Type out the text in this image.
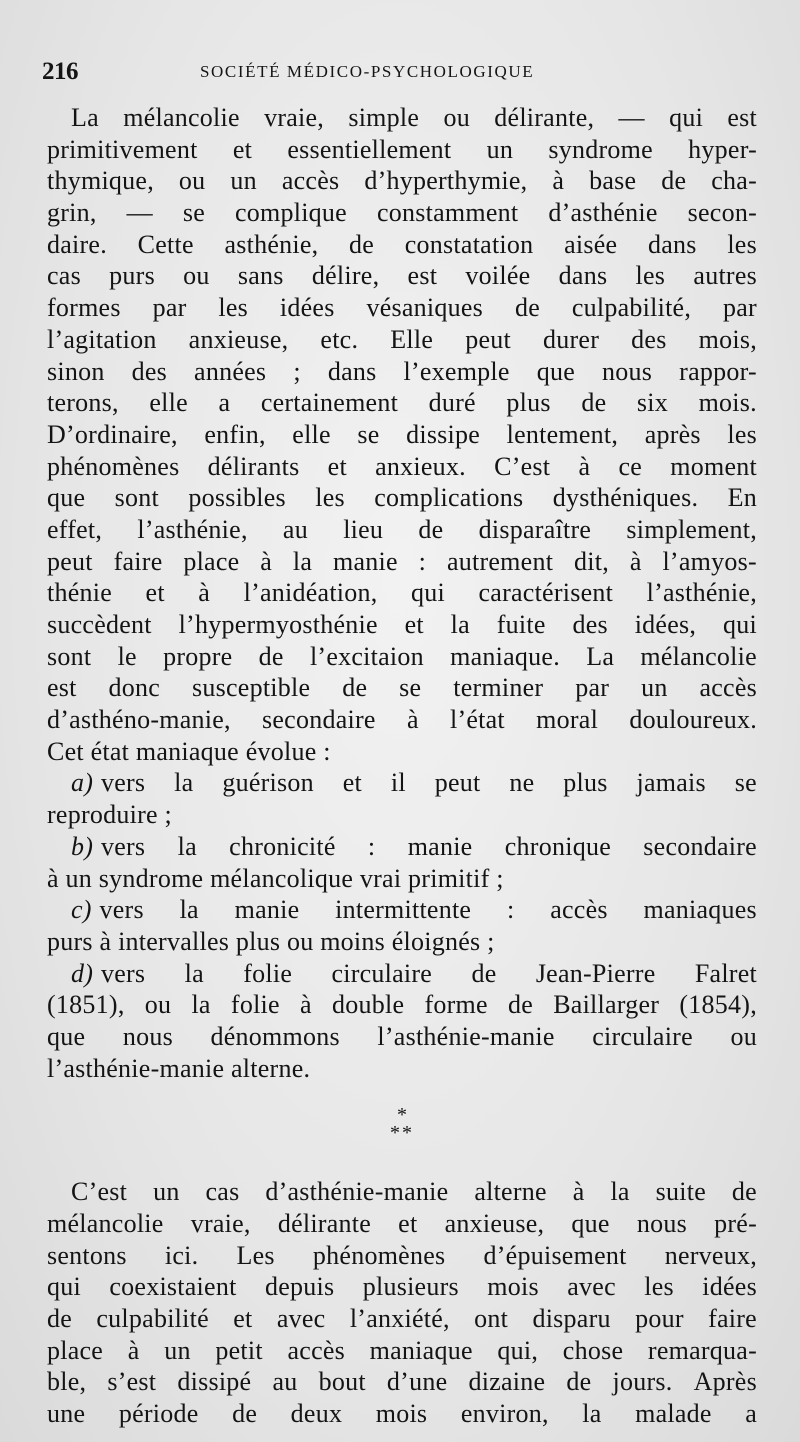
216	SOCIÉTÉ MÉDICO-PSYCHOLOGIQUE
La mélancolie vraie, simple ou délirante, — qui est
primitivement et essentiellement un syndrome hyper-
thymique, ou un accès d’hyperthymie, à base de cha-
grin, — se complique constamment d’asthénie secon-
daire. Cette asthénie, de constatation aisée dans les
cas purs ou sans délire, est voilée dans les autres
formes par les idées vésaniques de culpabilité, par
l’agitation anxieuse, etc. Elle peut durer des mois,
sinon des années ; dans l’exemple que nous rappor-
terons, elle a certainement duré plus de six mois.
D’ordinaire, enfin, elle se dissipe lentement, après les
phénomènes délirants et anxieux. C’est à ce moment
que sont possibles les complications dysthéniques. En
effet, l’asthénie, au lieu de disparaître simplement,
peut faire place à la manie : autrement dit, à l’amyos-
thénie et à l’anidéation, qui caractérisent l’asthénie,
succèdent l’hypermyosthénie et la fuite des idées, qui
sont le propre de l’excitaion maniaque. La mélancolie
est donc susceptible de se terminer par un accès
d’asthéno-manie, secondaire à l’état moral douloureux.
Cet état maniaque évolue :
a) vers la guérison et il peut ne plus jamais se
reproduire ;
b) vers la chronicité : manie chronique secondaire
à un syndrome mélancolique vrai primitif ;
c) vers la manie intermittente : accès maniaques
purs à intervalles plus ou moins éloignés ;
d) vers la folie circulaire de Jean-Pierre Falret
(1851), ou la folie à double forme de Baillarger (1854),
que nous dénommons l’asthénie-manie circulaire ou
l’asthénie-manie alterne.
*
**
C’est un cas d’asthénie-manie alterne à la suite de
mélancolie vraie, délirante et anxieuse, que nous pré-
sentons ici. Les phénomènes d’épuisement nerveux,
qui coexistaient depuis plusieurs mois avec les idées
de culpabilité et avec l’anxiété, ont disparu pour faire
place à un petit accès maniaque qui, chose remarqua-
ble, s’est dissipé au bout d’une dizaine de jours. Après
une période de deux mois environ, la malade a
